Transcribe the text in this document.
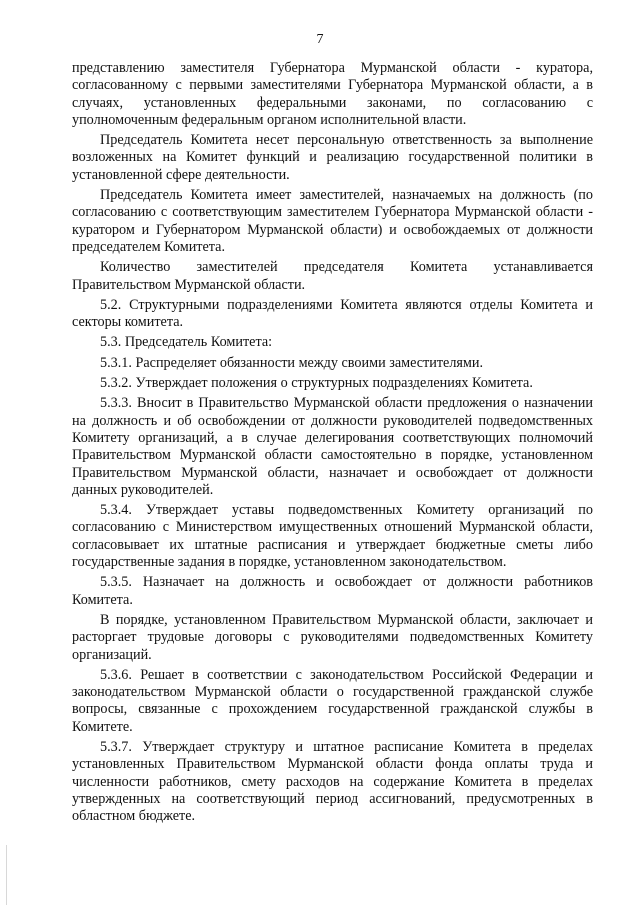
7

представлению заместителя Губернатора Мурманской области - куратора, согласованному с первыми заместителями Губернатора Мурманской области, а в случаях, установленных федеральными законами, по согласованию с уполномоченным федеральным органом исполнительной власти.

Председатель Комитета несет персональную ответственность за выполнение возложенных на Комитет функций и реализацию государственной политики в установленной сфере деятельности.

Председатель Комитета имеет заместителей, назначаемых на должность (по согласованию с соответствующим заместителем Губернатора Мурманской области - куратором и Губернатором Мурманской области) и освобождаемых от должности председателем Комитета.

Количество заместителей председателя Комитета устанавливается Правительством Мурманской области.

5.2. Структурными подразделениями Комитета являются отделы Комитета и секторы комитета.

5.3. Председатель Комитета:

5.3.1. Распределяет обязанности между своими заместителями.

5.3.2. Утверждает положения о структурных подразделениях Комитета.

5.3.3. Вносит в Правительство Мурманской области предложения о назначении на должность и об освобождении от должности руководителей подведомственных Комитету организаций, а в случае делегирования соответствующих полномочий Правительством Мурманской области самостоятельно в порядке, установленном Правительством Мурманской области, назначает и освобождает от должности данных руководителей.

5.3.4. Утверждает уставы подведомственных Комитету организаций по согласованию с Министерством имущественных отношений Мурманской области, согласовывает их штатные расписания и утверждает бюджетные сметы либо государственные задания в порядке, установленном законодательством.

5.3.5. Назначает на должность и освобождает от должности работников Комитета.

В порядке, установленном Правительством Мурманской области, заключает и расторгает трудовые договоры с руководителями подведомственных Комитету организаций.

5.3.6. Решает в соответствии с законодательством Российской Федерации и законодательством Мурманской области о государственной гражданской службе вопросы, связанные с прохождением государственной гражданской службы в Комитете.

5.3.7. Утверждает структуру и штатное расписание Комитета в пределах установленных Правительством Мурманской области фонда оплаты труда и численности работников, смету расходов на содержание Комитета в пределах утвержденных на соответствующий период ассигнований, предусмотренных в областном бюджете.
